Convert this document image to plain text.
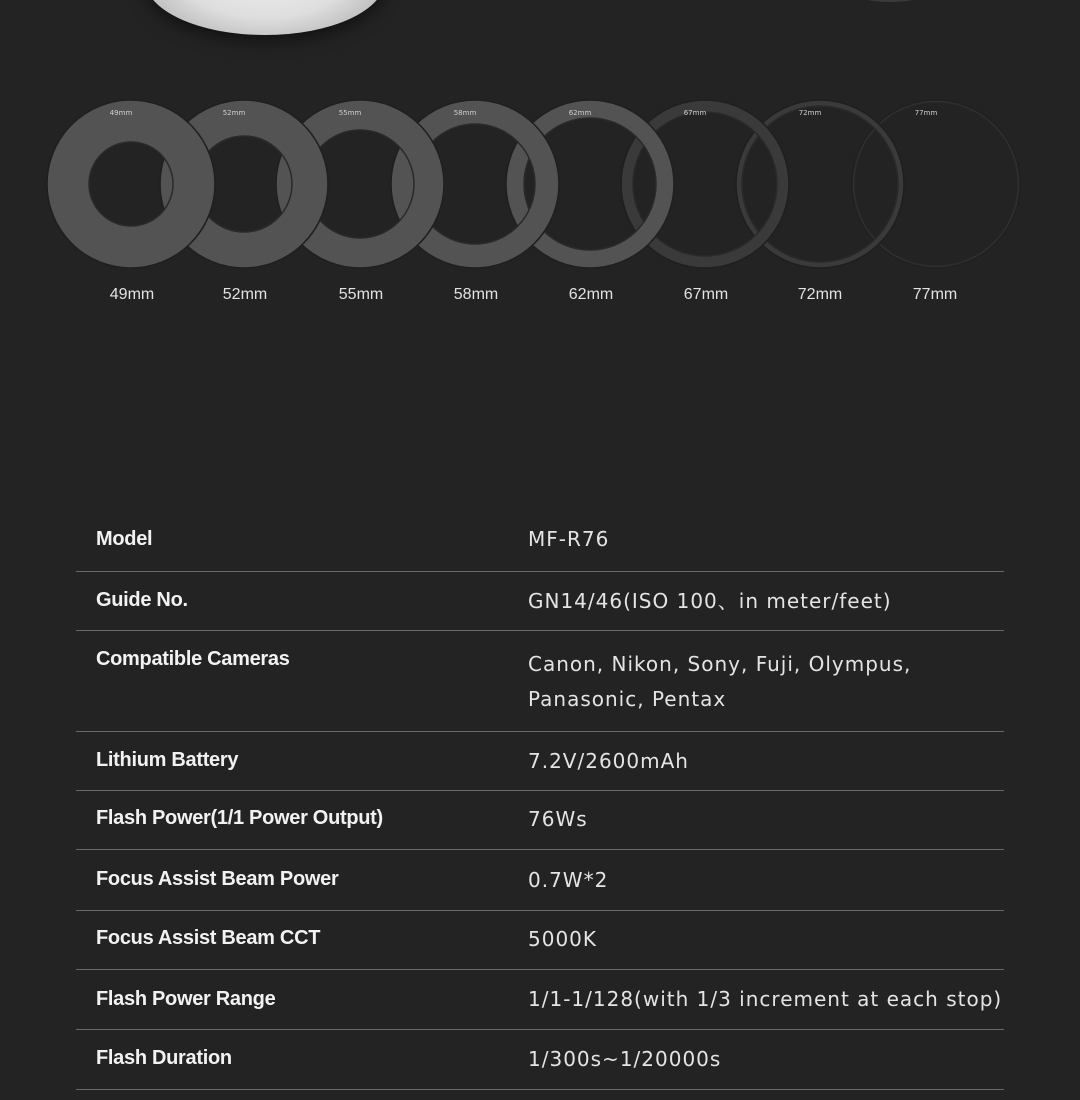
77mm
72mm
67mm
62mm
58mm
55mm
52mm
49mm
49mm	52mm	55mm	58mm	62mm	67mm	72mm	77mm
Model	MF-R76
Guide No.	GN14/46(ISO 100、in meter/feet)
Compatible Cameras	Canon, Nikon, Sony, Fuji, Olympus, Panasonic, Pentax
Lithium Battery	7.2V/2600mAh
Flash Power(1/1 Power Output)	76Ws
Focus Assist Beam Power	0.7W*2
Focus Assist Beam CCT	5000K
Flash Power Range	1/1-1/128(with 1/3 increment at each stop)
Flash Duration	1/300s~1/20000s
